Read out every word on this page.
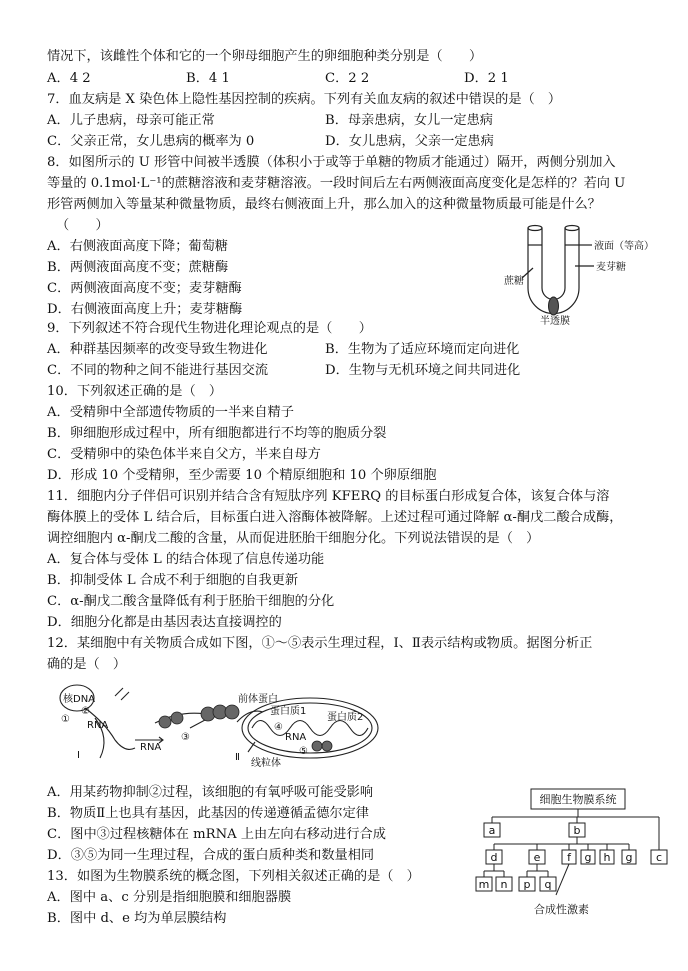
情况下，该雌性个体和它的一个卵母细胞产生的卵细胞种类分别是（　　）
A．4 2	B．4 1	C．2 2	D．2 1
7．血友病是 X 染色体上隐性基因控制的疾病。下列有关血友病的叙述中错误的是（　）
A．儿子患病，母亲可能正常	B．母亲患病，女儿一定患病
C．父亲正常，女儿患病的概率为 0	D．女儿患病，父亲一定患病
8．如图所示的 U 形管中间被半透膜（体积小于或等于单糖的物质才能通过）隔开，两侧分别加入
等量的 0.1mol·L⁻¹的蔗糖溶液和麦芽糖溶液。一段时间后左右两侧液面高度变化是怎样的？若向 U
形管两侧加入等量某种微量物质，最终右侧液面上升，那么加入的这种微量物质最可能是什么？
（　　）
A．右侧液面高度下降；葡萄糖
B．两侧液面高度不变；蔗糖酶
C．两侧液面高度不变；麦芽糖酶
D．右侧液面高度上升；麦芽糖酶
液面（等高）
麦芽糖
蔗糖
半透膜
9．下列叙述不符合现代生物进化理论观点的是（　　）
A．种群基因频率的改变导致生物进化	B．生物为了适应环境而定向进化
C．不同的物种之间不能进行基因交流	D．生物与无机环境之间共同进化
10．下列叙述正确的是（　）
A．受精卵中全部遗传物质的一半来自精子
B．卵细胞形成过程中，所有细胞都进行不均等的胞质分裂
C．受精卵中的染色体半来自父方，半来自母方
D．形成 10 个受精卵，至少需要 10 个精原细胞和 10 个卵原细胞
11．细胞内分子伴侣可识别并结合含有短肽序列 KFERQ 的目标蛋白形成复合体，该复合体与溶
酶体膜上的受体 L 结合后，目标蛋白进入溶酶体被降解。上述过程可通过降解 α-酮戊二酸合成酶，
调控细胞内 α-酮戊二酸的含量，从而促进胚胎干细胞分化。下列说法错误的是（　）
A．复合体与受体 L 的结合体现了信息传递功能
B．抑制受体 L 合成不利于细胞的自我更新
C．α-酮戊二酸含量降低有利于胚胎干细胞的分化
D．细胞分化都是由基因表达直接调控的
12．某细胞中有关物质合成如下图，①～⑤表示生理过程，Ⅰ、Ⅱ表示结构或物质。据图分析正
确的是（　）
核DNA
①
②
RNA
RNA
Ⅰ
③
前体蛋白
蛋白质1
蛋白质2
④
RNA
⑤
Ⅱ
线粒体
A．用某药物抑制②过程，该细胞的有氧呼吸可能受影响
B．物质Ⅱ上也具有基因，此基因的传递遵循孟德尔定律
C．图中③过程核糖体在 mRNA 上由左向右移动进行合成
D．③⑤为同一生理过程，合成的蛋白质种类和数量相同
13．如图为生物膜系统的概念图，下列相关叙述正确的是（　）
A．图中 a、c 分别是指细胞膜和细胞器膜
B．图中 d、e 均为单层膜结构
细胞生物膜系统
a	b
c
d	e f g h g
m n p q
合成性激素
